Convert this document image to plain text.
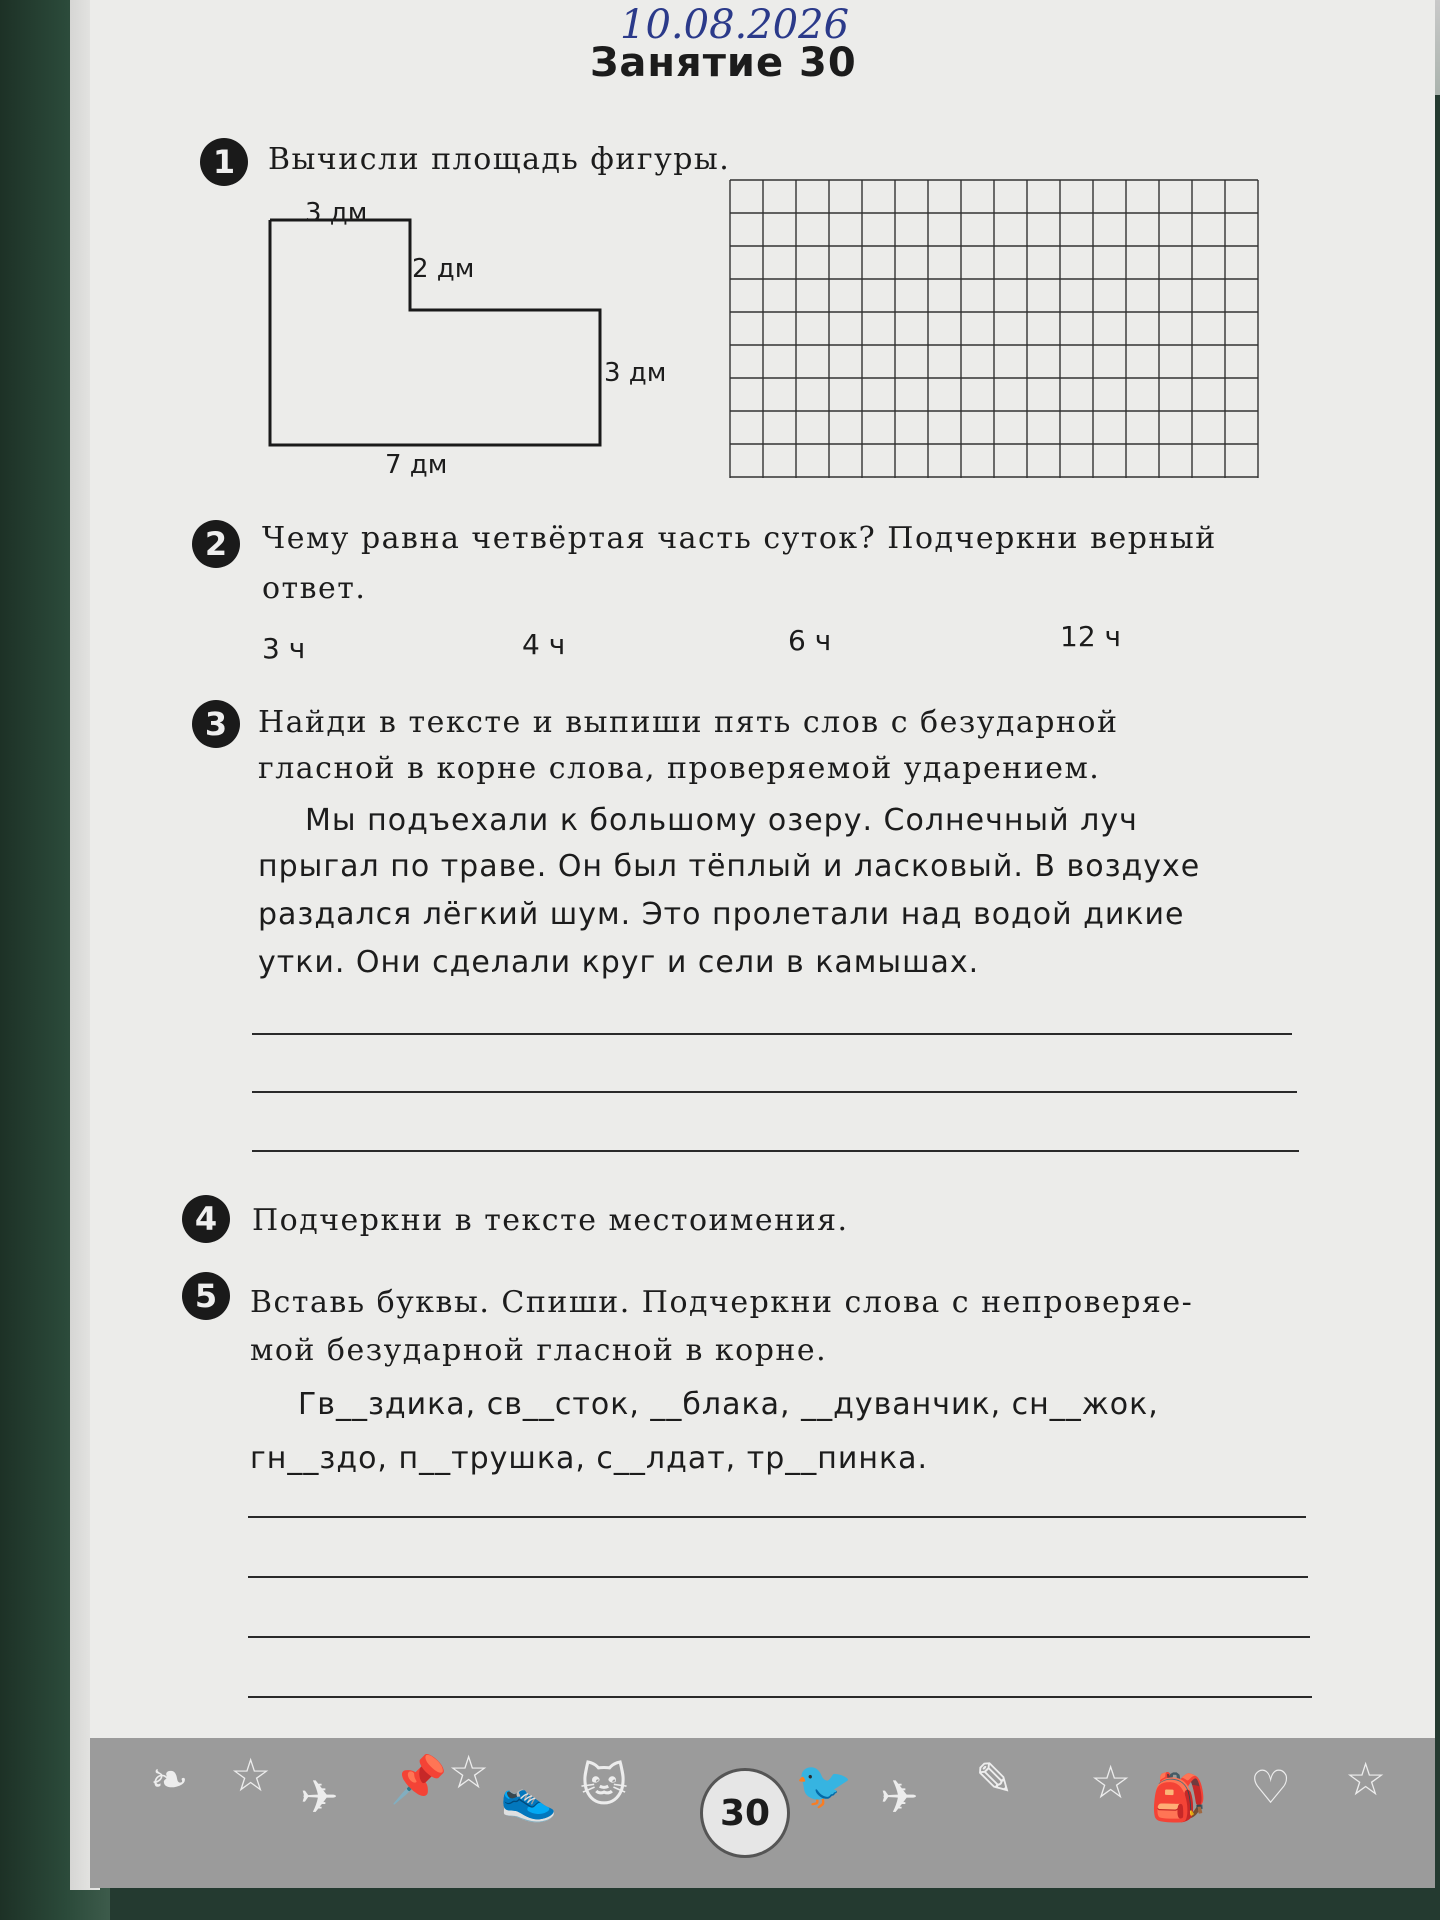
10.08.2026
Занятие 30
1	Вычисли площадь фигуры.
3 дм
2 дм
3 дм
7 дм
2	Чему равна четвёртая часть суток? Подчеркни верный
ответ.
3 ч	4 ч	6 ч	12 ч
3	Найди в тексте и выпиши пять слов с безударной
гласной в корне слова, проверяемой ударением.
Мы подъехали к большому озеру. Солнечный луч
прыгал по траве. Он был тёплый и ласковый. В воздухе
раздался лёгкий шум. Это пролетали над водой дикие
утки. Они сделали круг и сели в камышах.
4	Подчеркни в тексте местоимения.
5	Вставь буквы. Спиши. Подчеркни слова с непроверяе-
мой безударной гласной в корне.
Гв__здика, св__сток, __блака, __дуванчик, сн__жок,
гн__здо, п__трушка, с__лдат, тр__пинка.
❧ ☆ ✈ 📌 ☆ 👟 🐱	🐦 ✈ ✎ ☆ 🎒 ♡ ☆
30
